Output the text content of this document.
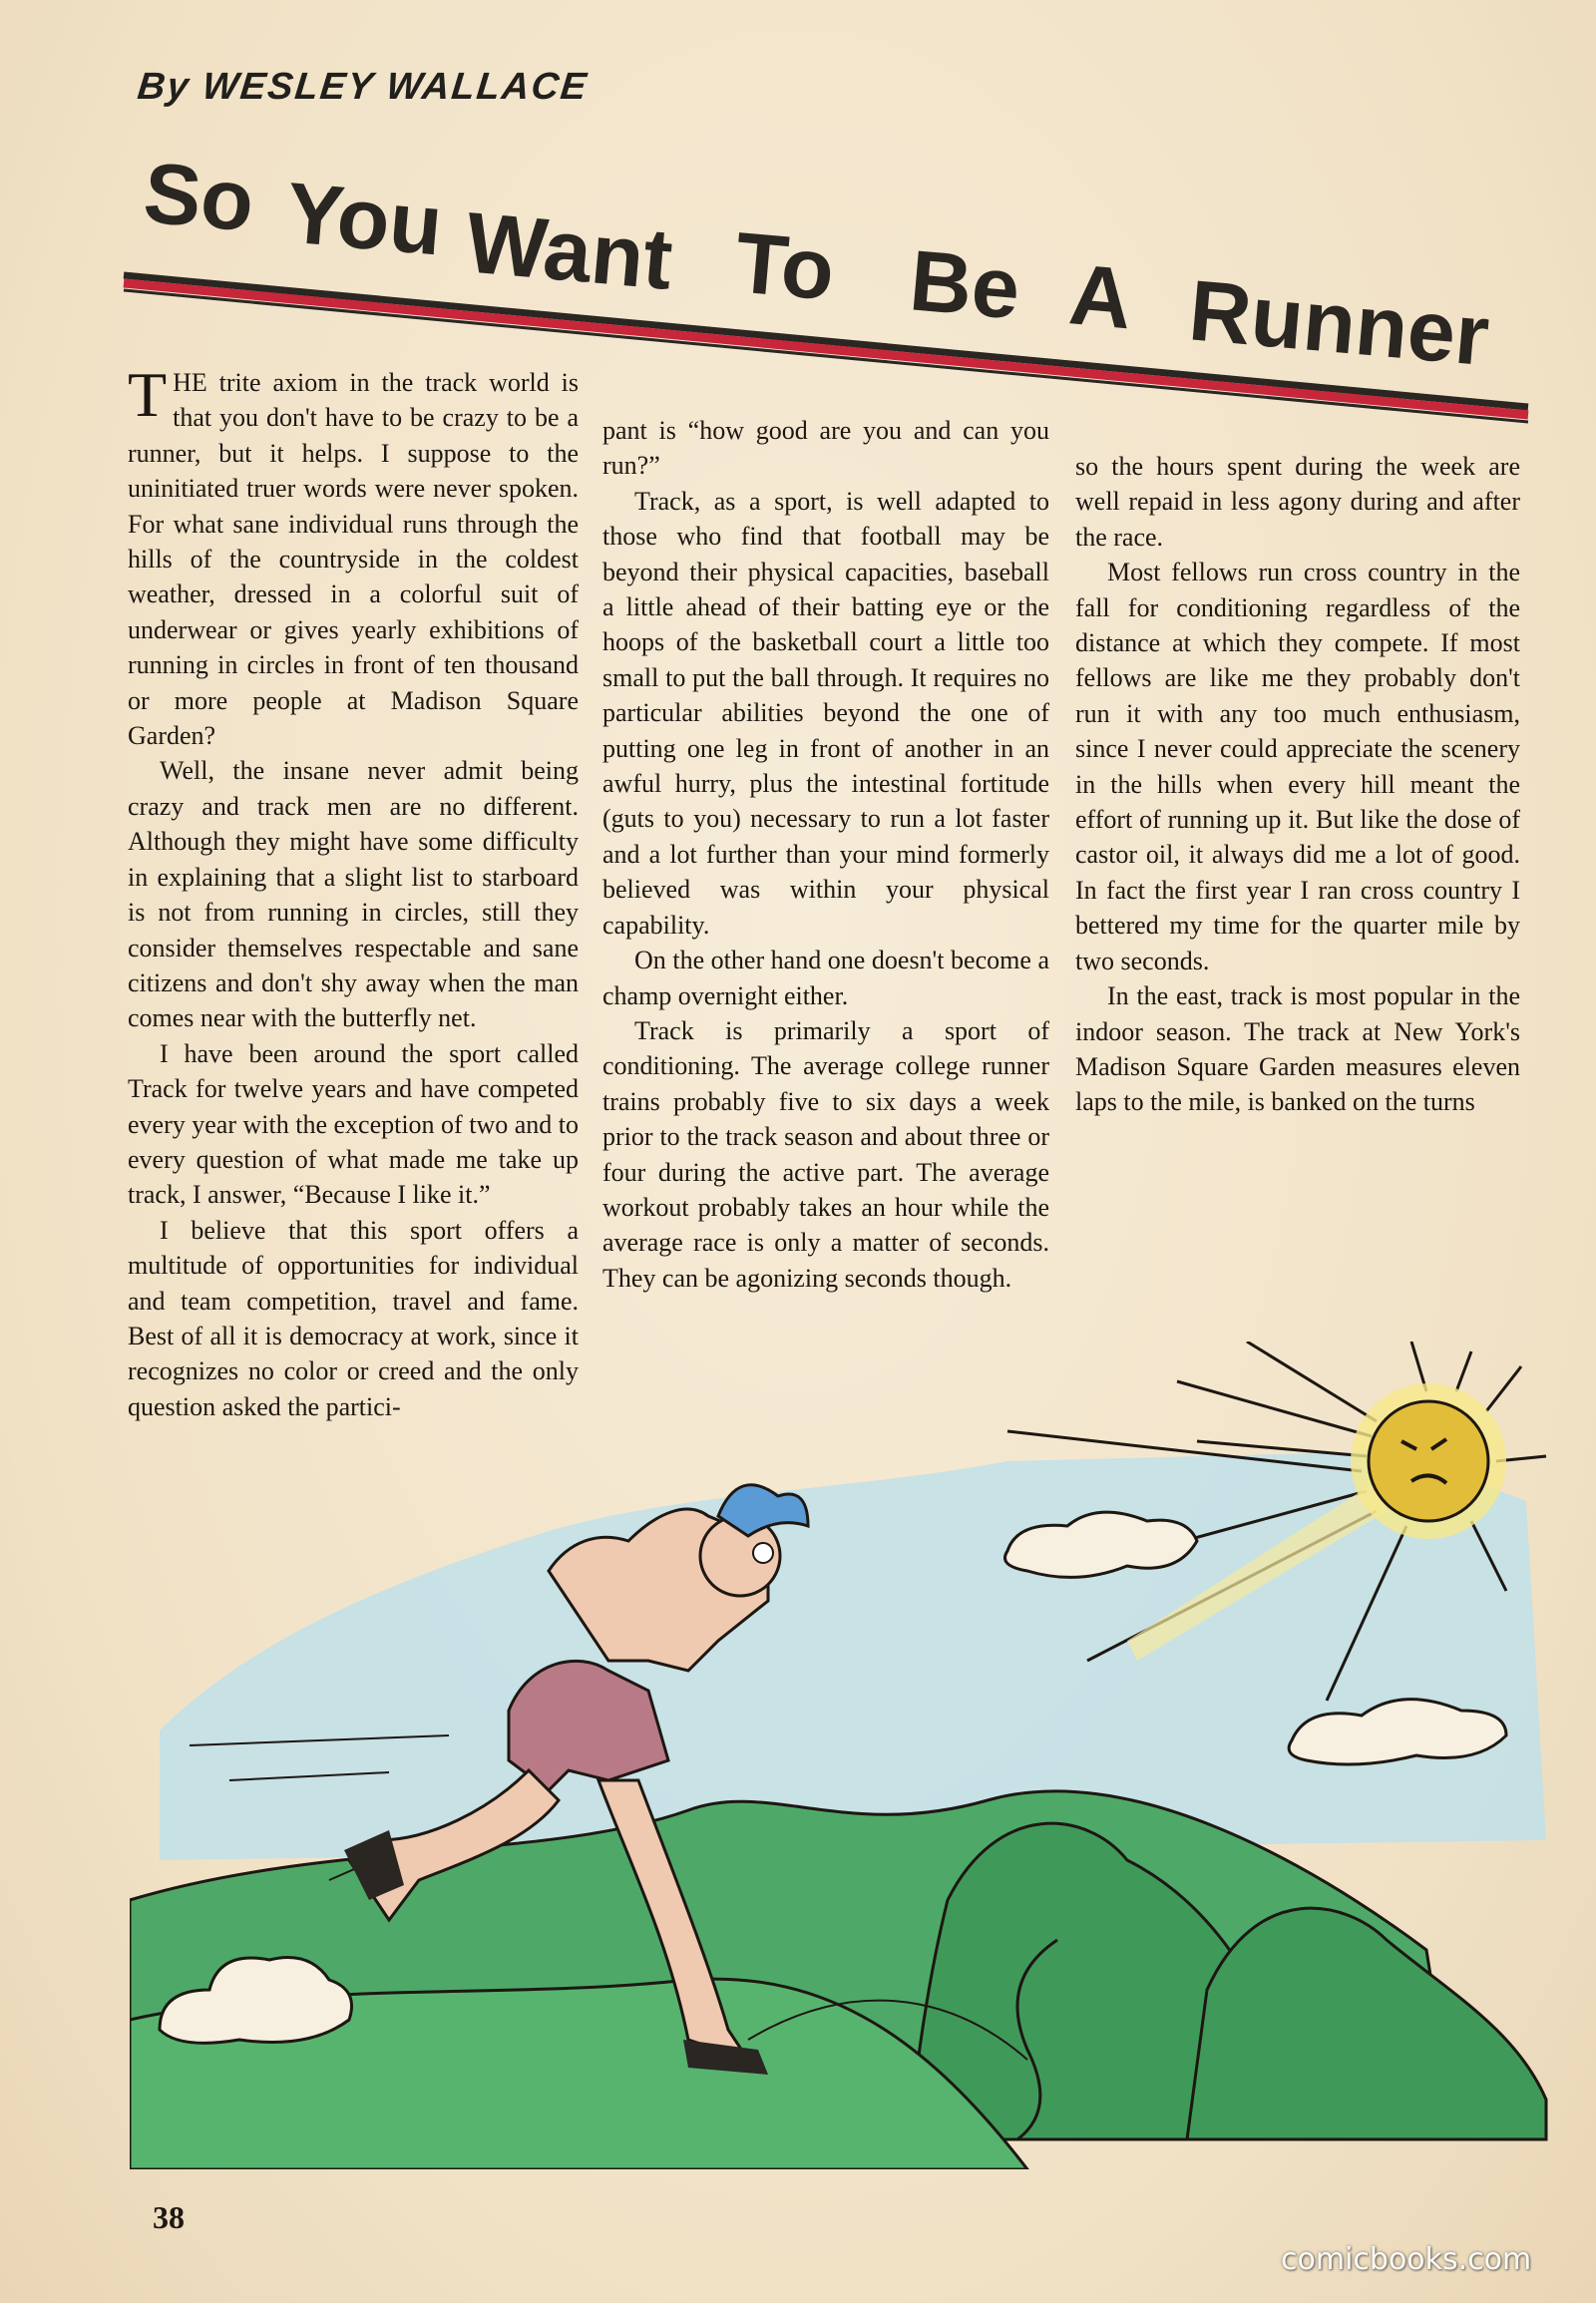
By WESLEY WALLACE
So You Want To Be A Runner

THE trite axiom in the track world is that you don't have to be crazy to be a runner, but it helps. I suppose to the uninitiated truer words were never spoken. For what sane individual runs through the hills of the countryside in the coldest weather, dressed in a colorful suit of underwear or gives yearly exhibitions of running in circles in front of ten thousand or more people at Madison Square Garden?

Well, the insane never admit being crazy and track men are no different. Although they might have some difficulty in explaining that a slight list to starboard is not from running in circles, still they consider themselves respectable and sane citizens and don't shy away when the man comes near with the butterfly net.

I have been around the sport called Track for twelve years and have competed every year with the exception of two and to every question of what made me take up track, I answer, “Because I like it.”

I believe that this sport offers a multitude of opportunities for individual and team competition, travel and fame. Best of all it is democracy at work, since it recognizes no color or creed and the only question asked the partici-

pant is “how good are you and can you run?”

Track, as a sport, is well adapted to those who find that football may be beyond their physical capacities, baseball a little ahead of their batting eye or the hoops of the basketball court a little too small to put the ball through. It requires no particular abilities beyond the one of putting one leg in front of another in an awful hurry, plus the intestinal fortitude (guts to you) necessary to run a lot faster and a lot further than your mind formerly believed was within your physical capability.

On the other hand one doesn't become a champ overnight either.

Track is primarily a sport of conditioning. The average college runner trains probably five to six days a week prior to the track season and about three or four during the active part. The average workout probably takes an hour while the average race is only a matter of seconds. They can be agonizing seconds though.

so the hours spent during the week are well repaid in less agony during and after the race.

Most fellows run cross country in the fall for conditioning regardless of the distance at which they compete. If most fellows are like me they probably don't run it with any too much enthusiasm, since I never could appreciate the scenery in the hills when every hill meant the effort of running up it. But like the dose of castor oil, it always did me a lot of good. In fact the first year I ran cross country I bettered my time for the quarter mile by two seconds.

In the east, track is most popular in the indoor season. The track at New York's Madison Square Garden measures eleven laps to the mile, is banked on the turns

38
comicbooks.com
